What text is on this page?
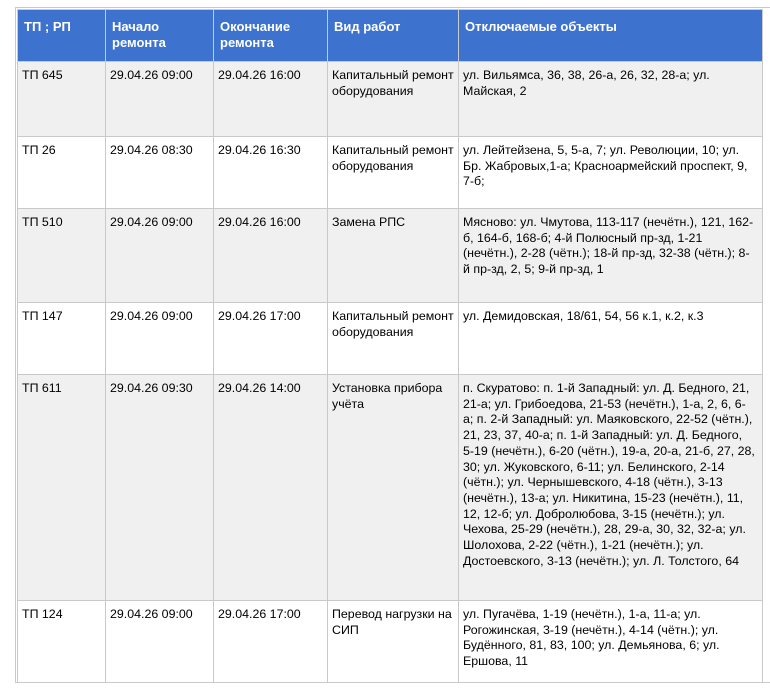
ТП ; РП	Начало ремонта	Окончание ремонта	Вид работ	Отключаемые объекты
ТП 645	29.04.26 09:00	29.04.26 16:00	Капитальный ремонт оборудования	ул. Вильямса, 36, 38, 26-а, 26, 32, 28-а; ул. Майская, 2
ТП 26	29.04.26 08:30	29.04.26 16:30	Капитальный ремонт оборудования	ул. Лейтейзена, 5, 5-а, 7; ул. Революции, 10; ул. Бр. Жабровых,1-а; Красноармейский проспект, 9, 7-б;
ТП 510	29.04.26 09:00	29.04.26 16:00	Замена РПС	Мясново: ул. Чмутова, 113-117 (нечётн.), 121, 162-б, 164-б, 168-б; 4-й Полюсный пр-зд, 1-21 (нечётн.), 2-28 (чётн.); 18-й пр-зд, 32-38 (чётн.); 8-й пр-зд, 2, 5; 9-й пр-зд, 1
ТП 147	29.04.26 09:00	29.04.26 17:00	Капитальный ремонт оборудования	ул. Демидовская, 18/61, 54, 56 к.1, к.2, к.3
ТП 611	29.04.26 09:30	29.04.26 14:00	Установка прибора учёта	п. Скуратово: п. 1-й Западный: ул. Д. Бедного, 21, 21-а; ул. Грибоедова, 21-53 (нечётн.), 1-а, 2, 6, 6-а; п. 2-й Западный: ул. Маяковского, 22-52 (чётн.), 21, 23, 37, 40-а; п. 1-й Западный: ул. Д. Бедного, 5-19 (нечётн.), 6-20 (чётн.), 19-а, 20-а, 21-б, 27, 28, 30; ул. Жуковского, 6-11; ул. Белинского, 2-14 (чётн.); ул. Чернышевского, 4-18 (чётн.), 3-13 (нечётн.), 13-а; ул. Никитина, 15-23 (нечётн.), 11, 12, 12-б; ул. Добролюбова, 3-15 (нечётн.); ул. Чехова, 25-29 (нечётн.), 28, 29-а, 30, 32, 32-а; ул. Шолохова, 2-22 (чётн.), 1-21 (нечётн.); ул. Достоевского, 3-13 (нечётн.); ул. Л. Толстого, 64
ТП 124	29.04.26 09:00	29.04.26 17:00	Перевод нагрузки на СИП	ул. Пугачёва, 1-19 (нечётн.), 1-а, 11-а; ул. Рогожинская, 3-19 (нечётн.), 4-14 (чётн.); ул. Будённого, 81, 83, 100; ул. Демьянова, 6; ул. Ершова, 11
